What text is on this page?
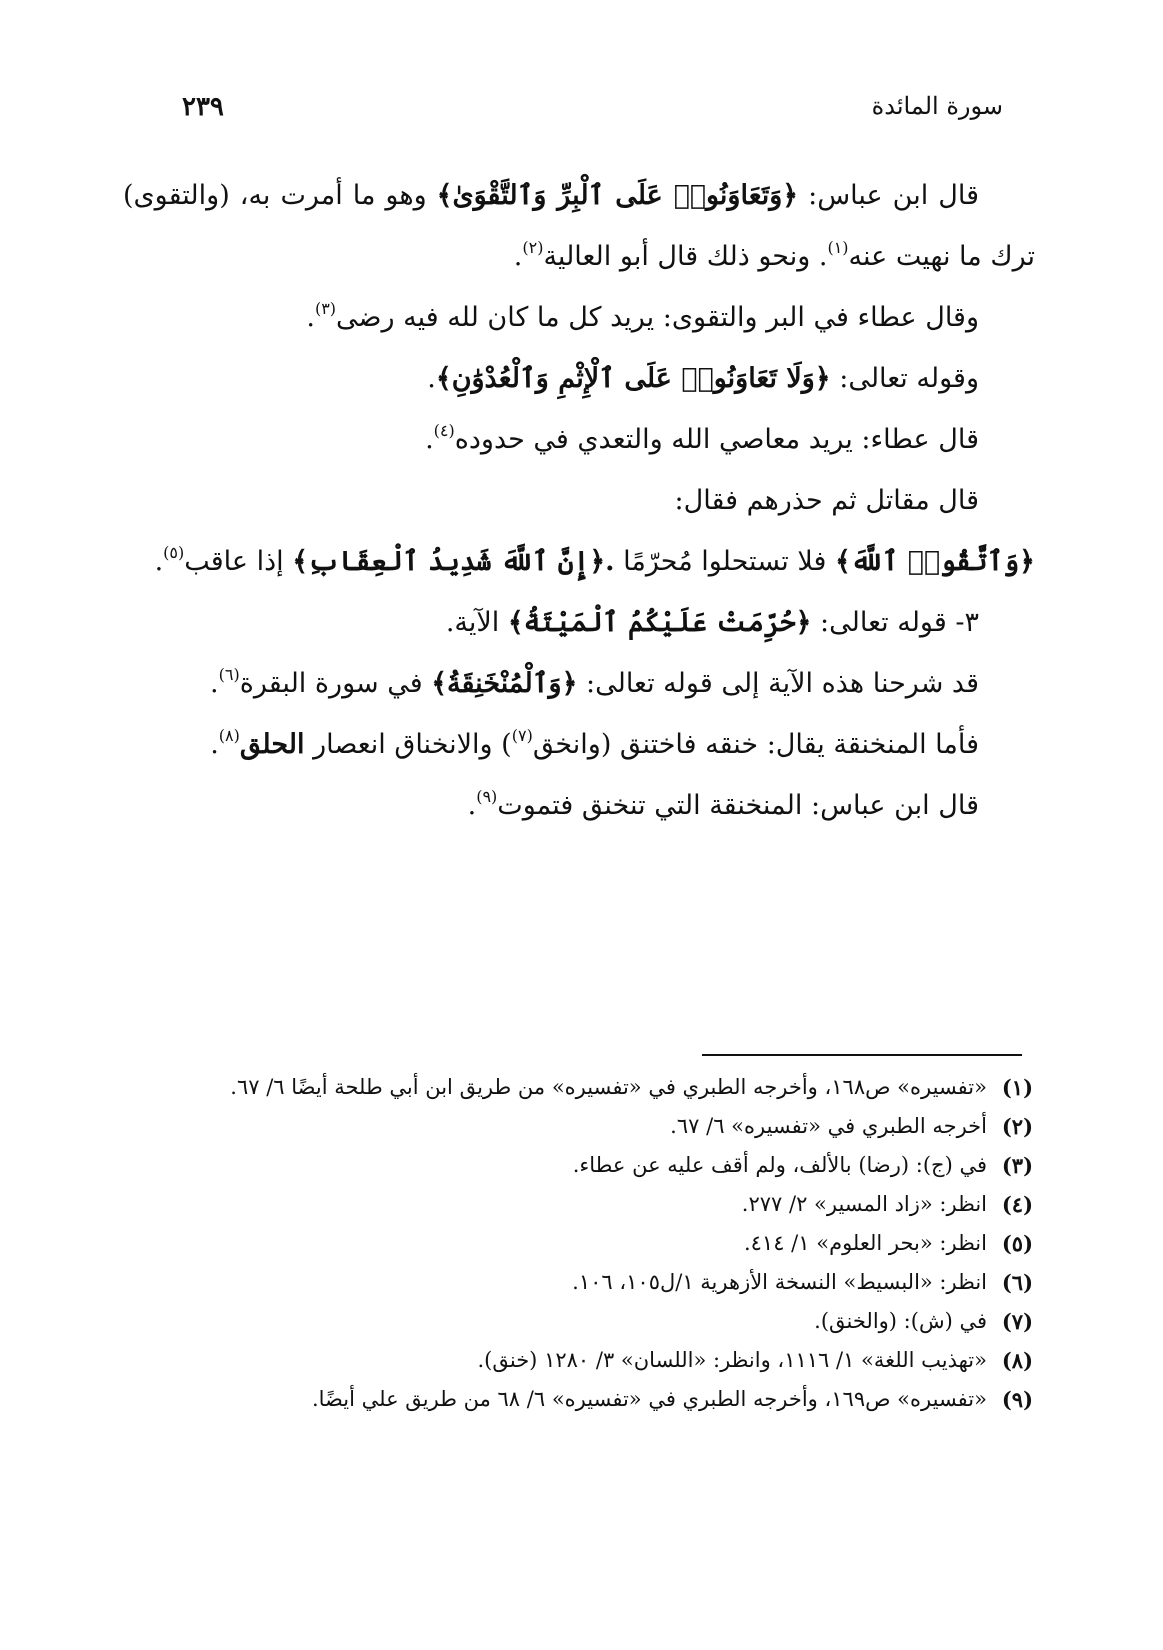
سورة المائدة
٢٣٩

قال ابن عباس: ﴿وَتَعَاوَنُوا۟ عَلَى ٱلْبِرِّ وَٱلتَّقْوَىٰ﴾ وهو ما أمرت به، (والتقوى) ترك ما نهيت عنه$^{(١)}$. ونحو ذلك قال أبو العالية$^{(٢)}$.

وقال عطاء في البر والتقوى: يريد كل ما كان لله فيه رضى$^{(٣)}$.

وقوله تعالى: ﴿وَلَا تَعَاوَنُوا۟ عَلَى ٱلْإِثْمِ وَٱلْعُدْوَٰنِ﴾.

قال عطاء: يريد معاصي الله والتعدي في حدوده$^{(٤)}$.

قال مقاتل ثم حذرهم فقال:

﴿وَٱتَّقُوا۟ ٱللَّهَ﴾ فلا تستحلوا مُحرّمًا .﴿إِنَّ ٱللَّهَ شَدِيدُ ٱلْعِقَابِ﴾ إذا عاقب$^{(٥)}$.

٣- قوله تعالى: ﴿حُرِّمَتْ عَلَيْكُمُ ٱلْمَيْتَةُ﴾ الآية.

قد شرحنا هذه الآية إلى قوله تعالى: ﴿وَٱلْمُنْخَنِقَةُ﴾ في سورة البقرة$^{(٦)}$.

فأما المنخنقة يقال: خنقه فاختنق (وانخق$^{(٧)}$) والانخناق انعصار الحلق$^{(٨)}$.

قال ابن عباس: المنخنقة التي تنخنق فتموت$^{(٩)}$.

(١)
«تفسيره» ص١٦٨، وأخرجه الطبري في «تفسيره» من طريق ابن أبي طلحة أيضًا ٦/ ٦٧.
(٢)
أخرجه الطبري في «تفسيره» ٦/ ٦٧.
(٣)
في (ج): (رضا) بالألف، ولم أقف عليه عن عطاء.
(٤)
انظر: «زاد المسير» ٢/ ٢٧٧.
(٥)
انظر: «بحر العلوم» ١/ ٤١٤.
(٦)
انظر: «البسيط» النسخة الأزهرية ١/ل١٠٥، ١٠٦.
(٧)
في (ش): (والخنق).
(٨)
«تهذيب اللغة» ١/ ١١١٦، وانظر: «اللسان» ٣/ ١٢٨٠ (خنق).
(٩)
«تفسيره» ص١٦٩، وأخرجه الطبري في «تفسيره» ٦/ ٦٨ من طريق علي أيضًا.
